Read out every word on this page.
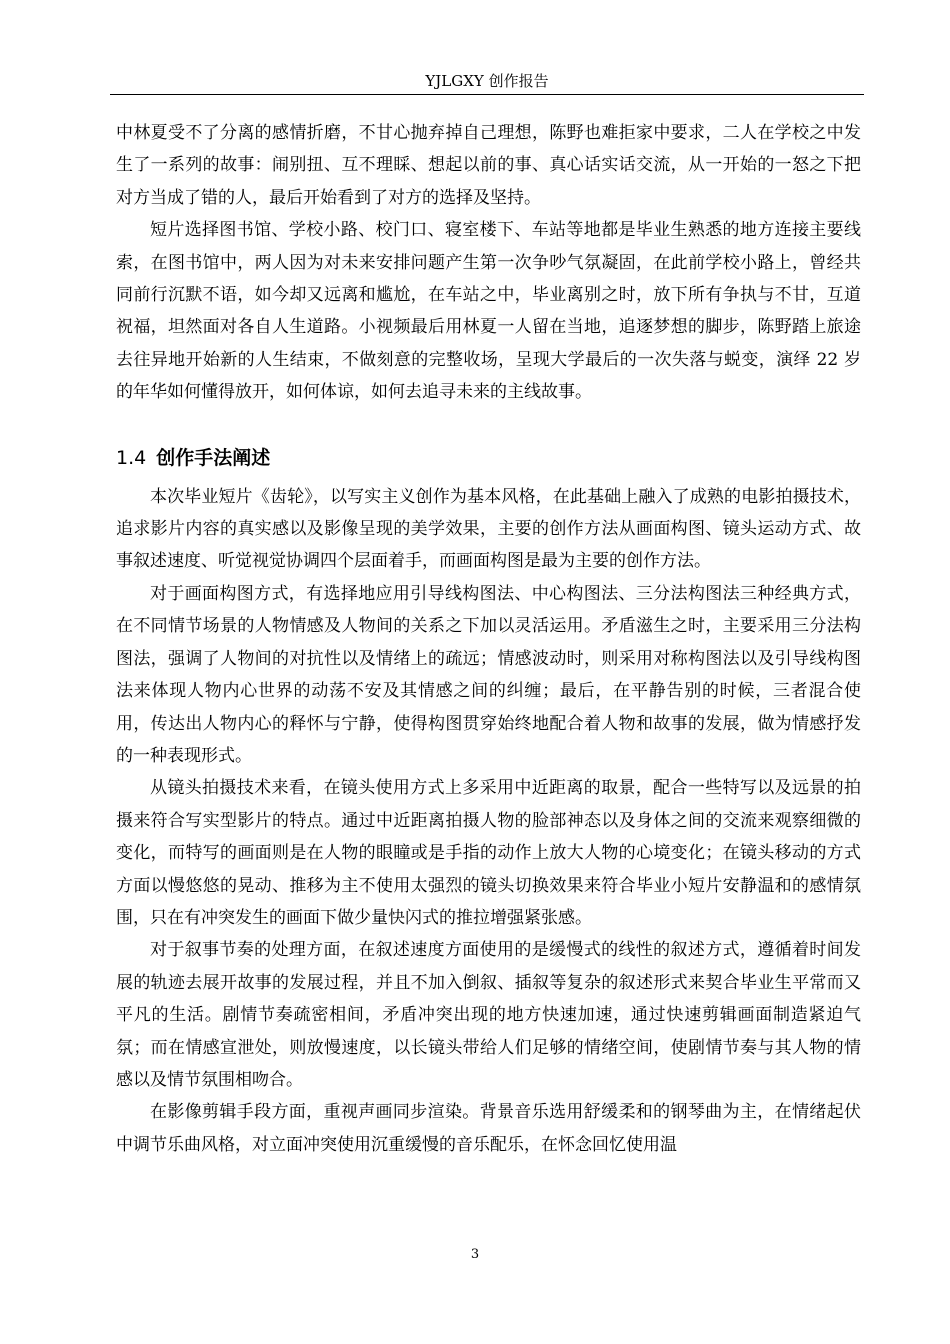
YJLGXY 创作报告

中林夏受不了分离的感情折磨，不甘心抛弃掉自己理想，陈野也难拒家中要求，二人在学校之中发生了一系列的故事：闹别扭、互不理睬、想起以前的事、真心话实话交流，从一开始的一怒之下把对方当成了错的人，最后开始看到了对方的选择及坚持。

短片选择图书馆、学校小路、校门口、寝室楼下、车站等地都是毕业生熟悉的地方连接主要线索，在图书馆中，两人因为对未来安排问题产生第一次争吵气氛凝固，在此前学校小路上，曾经共同前行沉默不语，如今却又远离和尴尬，在车站之中，毕业离别之时，放下所有争执与不甘，互道祝福，坦然面对各自人生道路。小视频最后用林夏一人留在当地，追逐梦想的脚步，陈野踏上旅途去往异地开始新的人生结束，不做刻意的完整收场，呈现大学最后的一次失落与蜕变，演绎 22 岁的年华如何懂得放开，如何体谅，如何去追寻未来的主线故事。

1.4 创作手法阐述

本次毕业短片《齿轮》，以写实主义创作为基本风格，在此基础上融入了成熟的电影拍摄技术，追求影片内容的真实感以及影像呈现的美学效果，主要的创作方法从画面构图、镜头运动方式、故事叙述速度、听觉视觉协调四个层面着手，而画面构图是最为主要的创作方法。

对于画面构图方式，有选择地应用引导线构图法、中心构图法、三分法构图法三种经典方式，在不同情节场景的人物情感及人物间的关系之下加以灵活运用。矛盾滋生之时，主要采用三分法构图法，强调了人物间的对抗性以及情绪上的疏远；情感波动时，则采用对称构图法以及引导线构图法来体现人物内心世界的动荡不安及其情感之间的纠缠；最后，在平静告别的时候，三者混合使用，传达出人物内心的释怀与宁静，使得构图贯穿始终地配合着人物和故事的发展，做为情感抒发的一种表现形式。

从镜头拍摄技术来看，在镜头使用方式上多采用中近距离的取景，配合一些特写以及远景的拍摄来符合写实型影片的特点。通过中近距离拍摄人物的脸部神态以及身体之间的交流来观察细微的变化，而特写的画面则是在人物的眼瞳或是手指的动作上放大人物的心境变化；在镜头移动的方式方面以慢悠悠的晃动、推移为主不使用太强烈的镜头切换效果来符合毕业小短片安静温和的感情氛围，只在有冲突发生的画面下做少量快闪式的推拉增强紧张感。

对于叙事节奏的处理方面，在叙述速度方面使用的是缓慢式的线性的叙述方式，遵循着时间发展的轨迹去展开故事的发展过程，并且不加入倒叙、插叙等复杂的叙述形式来契合毕业生平常而又平凡的生活。剧情节奏疏密相间，矛盾冲突出现的地方快速加速，通过快速剪辑画面制造紧迫气氛；而在情感宣泄处，则放慢速度，以长镜头带给人们足够的情绪空间，使剧情节奏与其人物的情感以及情节氛围相吻合。

在影像剪辑手段方面，重视声画同步渲染。背景音乐选用舒缓柔和的钢琴曲为主，在情绪起伏中调节乐曲风格，对立面冲突使用沉重缓慢的音乐配乐，在怀念回忆使用温

3
